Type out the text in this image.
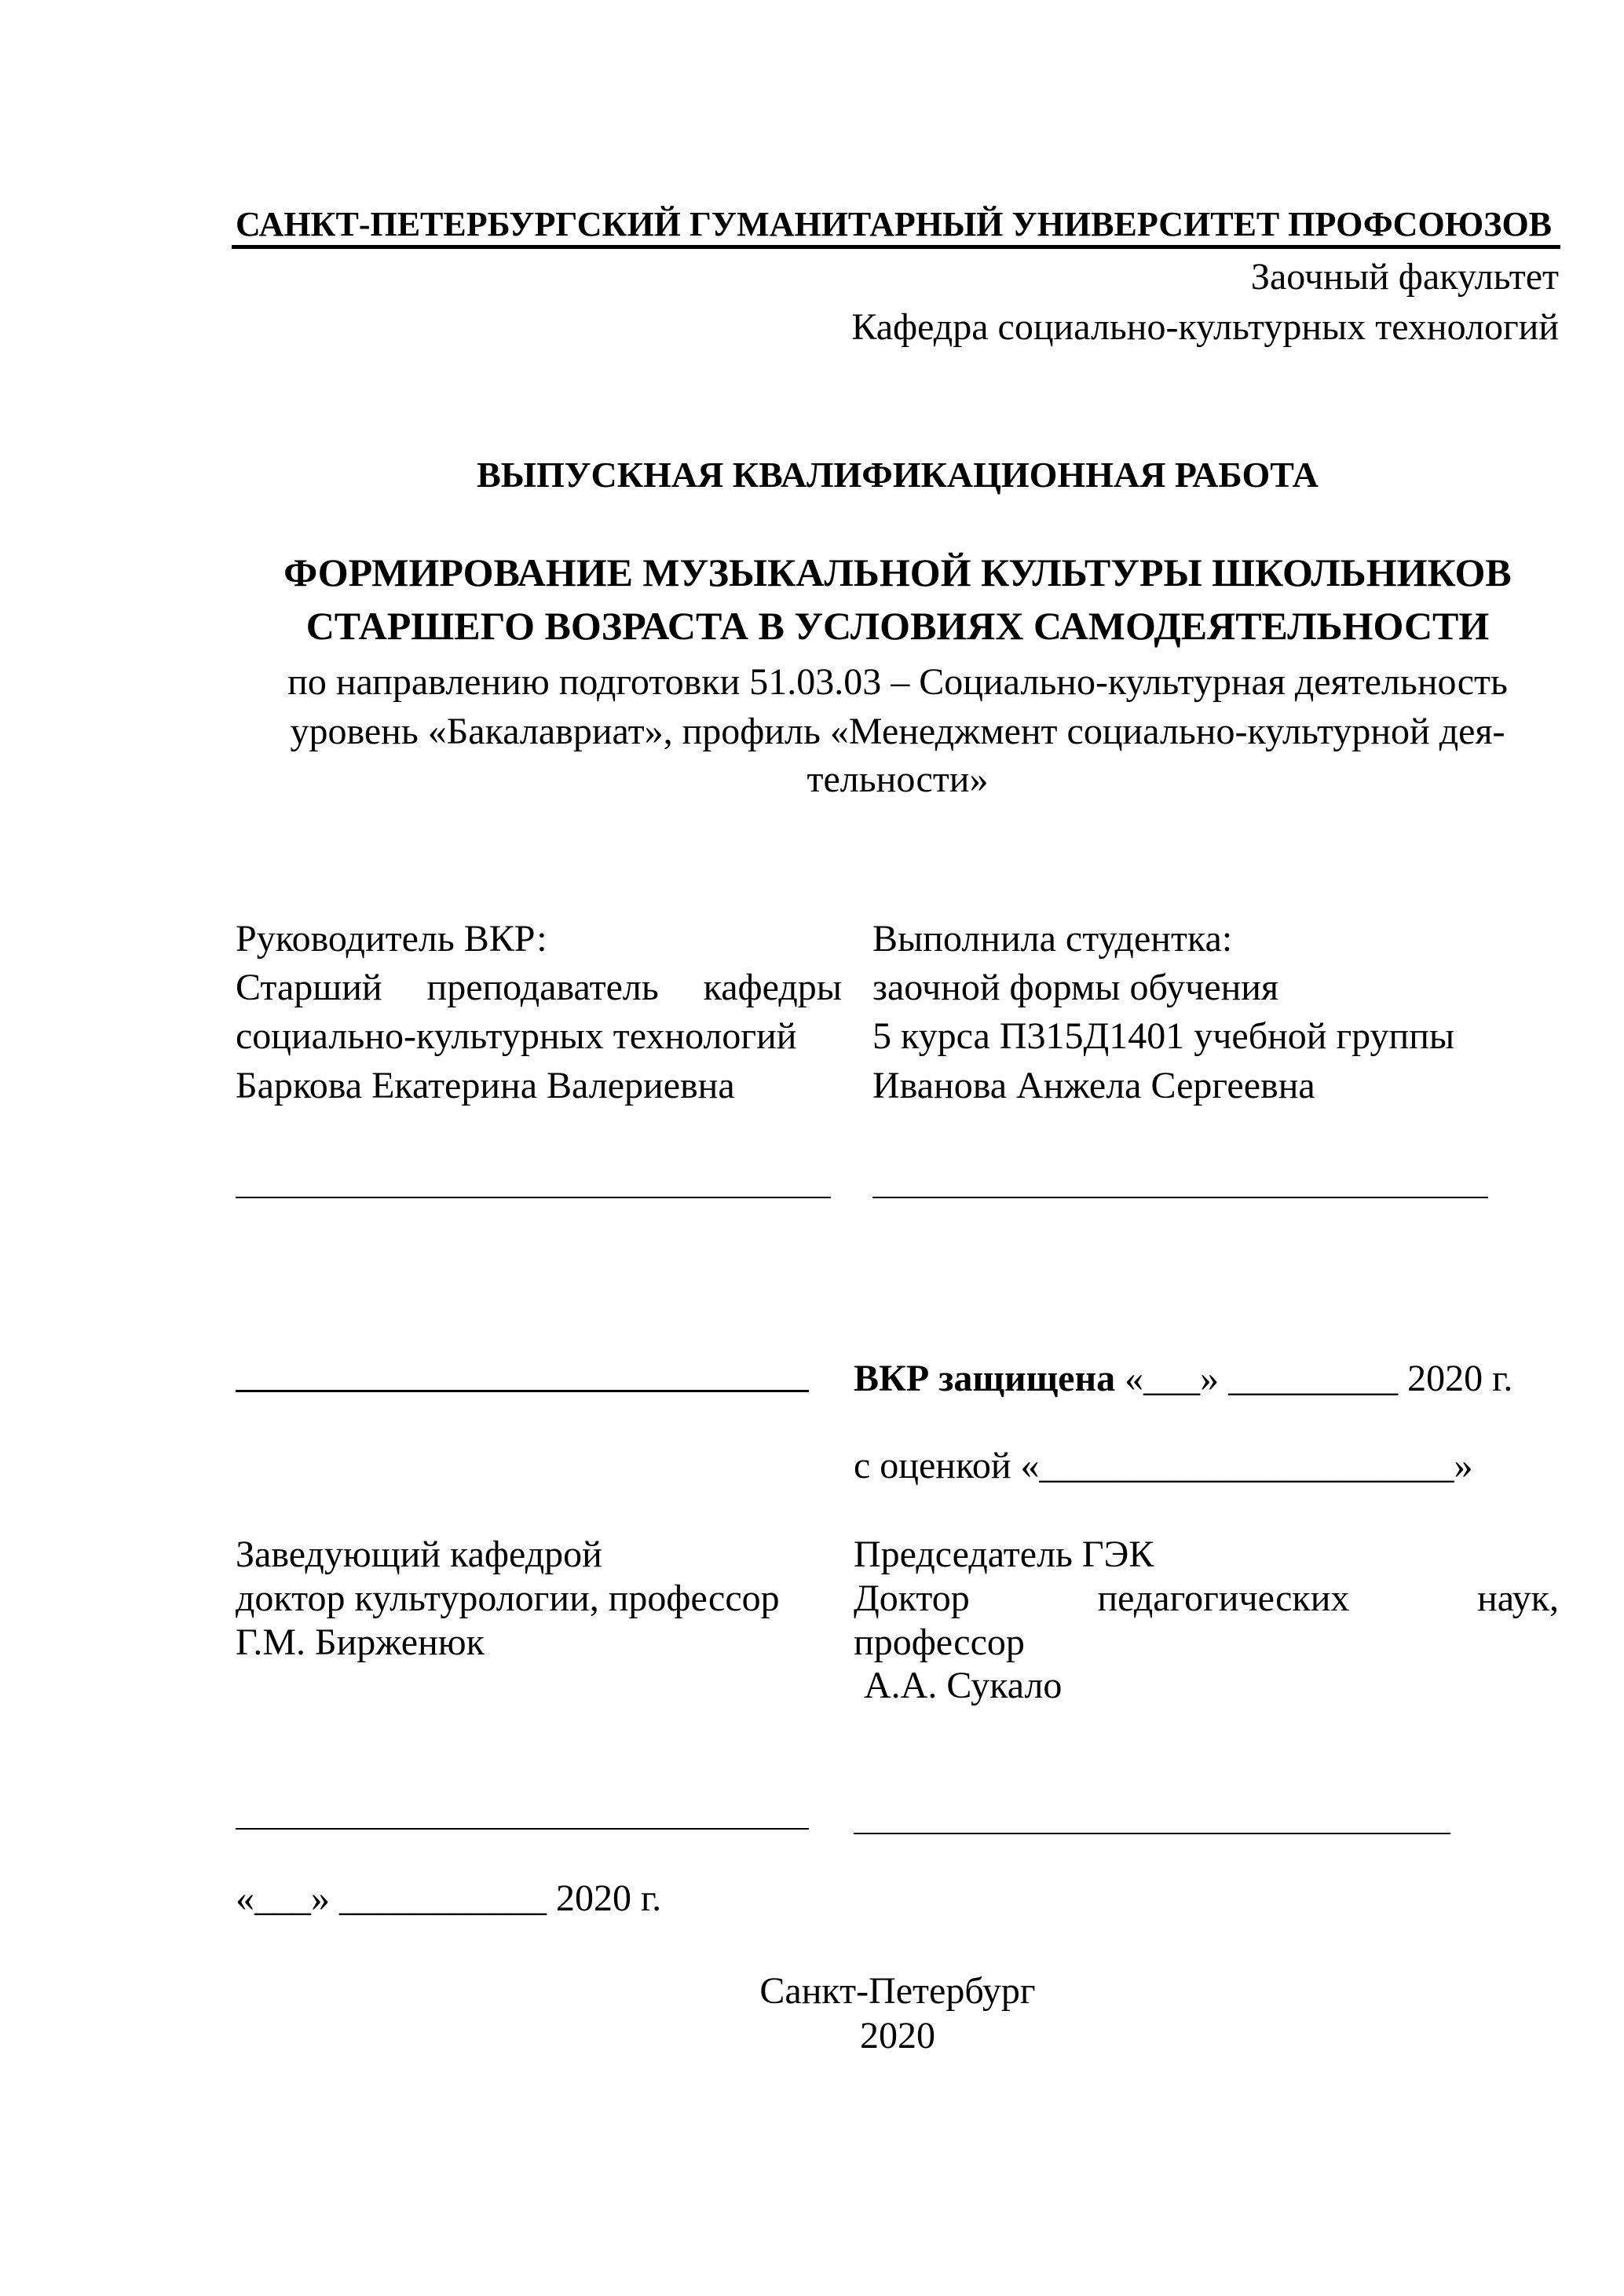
САНКТ-ПЕТЕРБУРГСКИЙ ГУМАНИТАРНЫЙ УНИВЕРСИТЕТ ПРОФСОЮЗОВ
Заочный факультет
Кафедра социально-культурных технологий
ВЫПУСКНАЯ КВАЛИФИКАЦИОННАЯ РАБОТА
ФОРМИРОВАНИЕ МУЗЫКАЛЬНОЙ КУЛЬТУРЫ ШКОЛЬНИКОВ
СТАРШЕГО ВОЗРАСТА В УСЛОВИЯХ САМОДЕЯТЕЛЬНОСТИ
по направлению подготовки 51.03.03 – Социально-культурная деятельность
уровень «Бакалавриат», профиль «Менеджмент социально-культурной дея-
тельности»
Руководитель ВКР:
Старший преподаватель кафедры
социально-культурных технологий
Баркова Екатерина Валериевна
Выполнила студентка:
заочной формы обучения
5 курса П315Д1401 учебной группы
Иванова Анжела Сергеевна
ВКР защищена «___» _________ 2020 г.
с оценкой «______________________»
Заведующий кафедрой
доктор культурологии, профессор
Г.М. Бирженюк
Председатель ГЭК
Доктор педагогических наук,
профессор
А.А. Сукало
«___» ___________ 2020 г.
Санкт-Петербург
2020
